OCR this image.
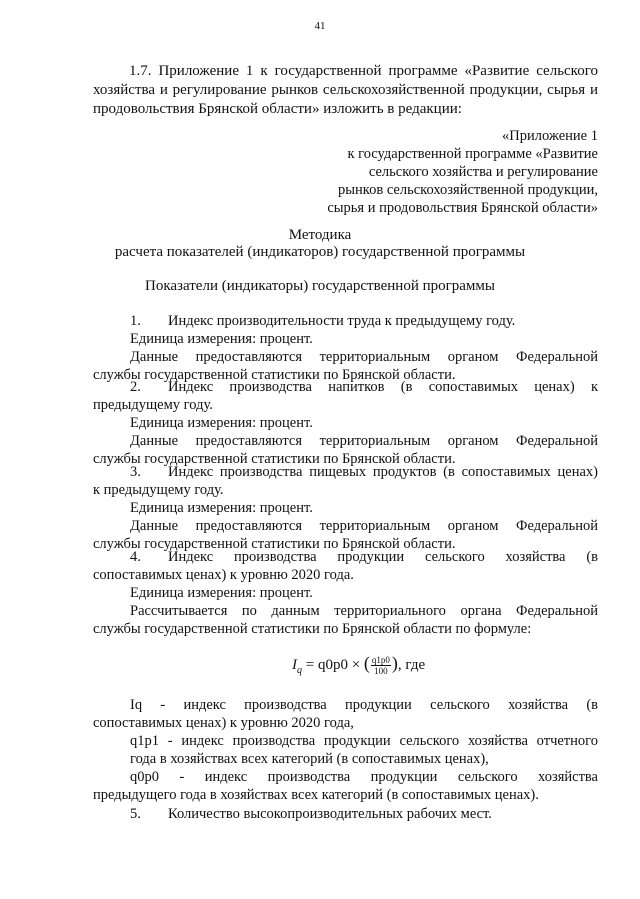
41
1.7. Приложение 1 к государственной программе «Развитие сельского хозяйства и регулирование рынков сельскохозяйственной продукции, сырья и продовольствия Брянской области» изложить в редакции:
«Приложение 1
к государственной программе «Развитие
сельского хозяйства и регулирование
рынков сельскохозяйственной продукции,
сырья и продовольствия Брянской области»
Методика
расчета показателей (индикаторов) государственной программы
Показатели (индикаторы) государственной программы
1. Индекс производительности труда к предыдущему году.
Единица измерения: процент.
Данные предоставляются территориальным органом Федеральной
службы государственной статистики по Брянской области.
2. Индекс производства напитков (в сопоставимых ценах) к
предыдущему году.
Единица измерения: процент.
Данные предоставляются территориальным органом Федеральной
службы государственной статистики по Брянской области.
3. Индекс производства пищевых продуктов (в сопоставимых ценах)
к предыдущему году.
Единица измерения: процент.
Данные предоставляются территориальным органом Федеральной
службы государственной статистики по Брянской области.
4. Индекс производства продукции сельского хозяйства (в
сопоставимых ценах) к уровню 2020 года.
Единица измерения: процент.
Рассчитывается по данным территориального органа Федеральной
службы государственной статистики по Брянской области по формуле:
$I_q = q0p0$ × ( $\frac{q1p0}{100}$ ), где
Iq - индекс производства продукции сельского хозяйства (в
сопоставимых ценах) к уровню 2020 года,
q1p1 - индекс производства продукции сельского хозяйства отчетного
года в хозяйствах всех категорий (в сопоставимых ценах),
q0p0 - индекс производства продукции сельского хозяйства
предыдущего года в хозяйствах всех категорий (в сопоставимых ценах).
5. Количество высокопроизводительных рабочих мест.
